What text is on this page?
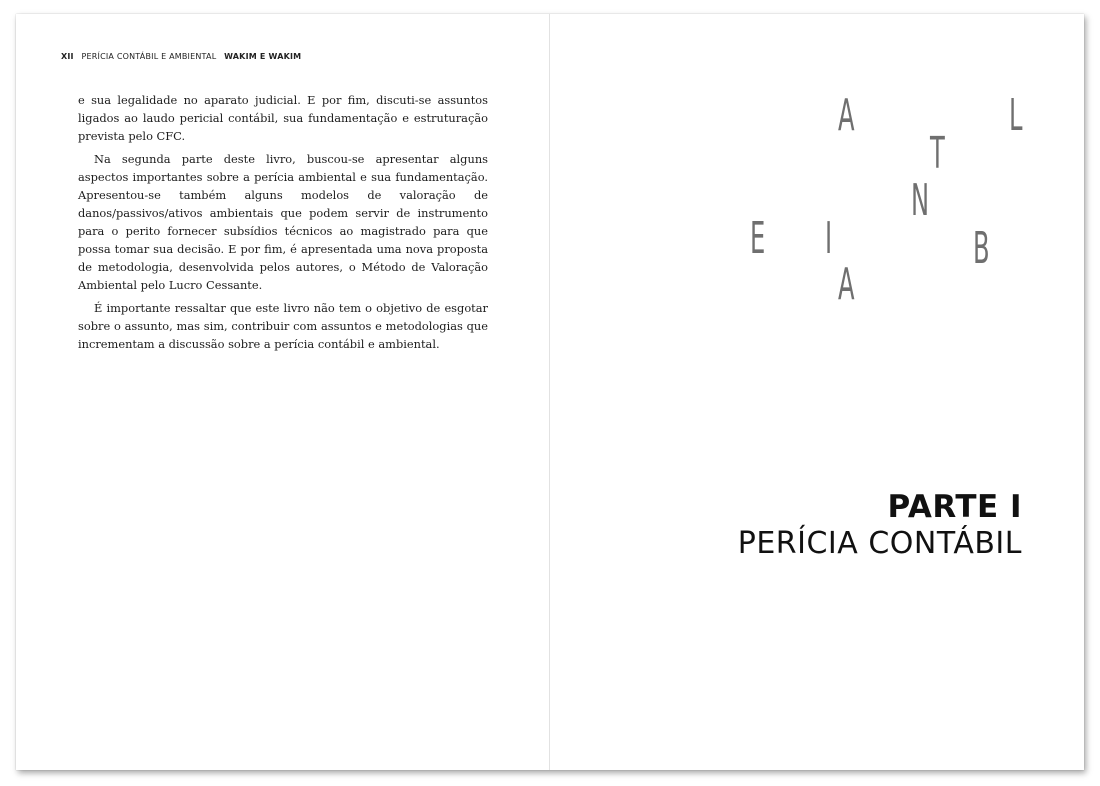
XII PERÍCIA CONTÁBIL E AMBIENTAL WAKIM E WAKIM

e sua legalidade no aparato judicial. E por fim, discuti-se assuntos ligados ao laudo pericial contábil, sua fundamentação e estruturação prevista pelo CFC.

Na segunda parte deste livro, buscou-se apresentar alguns aspectos importantes sobre a perícia ambiental e sua fundamentação. Apresentou-se também alguns modelos de valoração de danos/passivos/ativos ambientais que podem servir de instrumento para o perito fornecer subsídios técnicos ao magistrado para que possa tomar sua decisão. E por fim, é apresentada uma nova proposta de metodologia, desenvolvida pelos autores, o Método de Valoração Ambiental pelo Lucro Cessante.

É importante ressaltar que este livro não tem o objetivo de esgotar sobre o assunto, mas sim, contribuir com assuntos e metodologias que incrementam a discussão sobre a perícia contábil e ambiental.

A	L
T
N
E I	B
A
PARTE I
PERÍCIA CONTÁBIL
